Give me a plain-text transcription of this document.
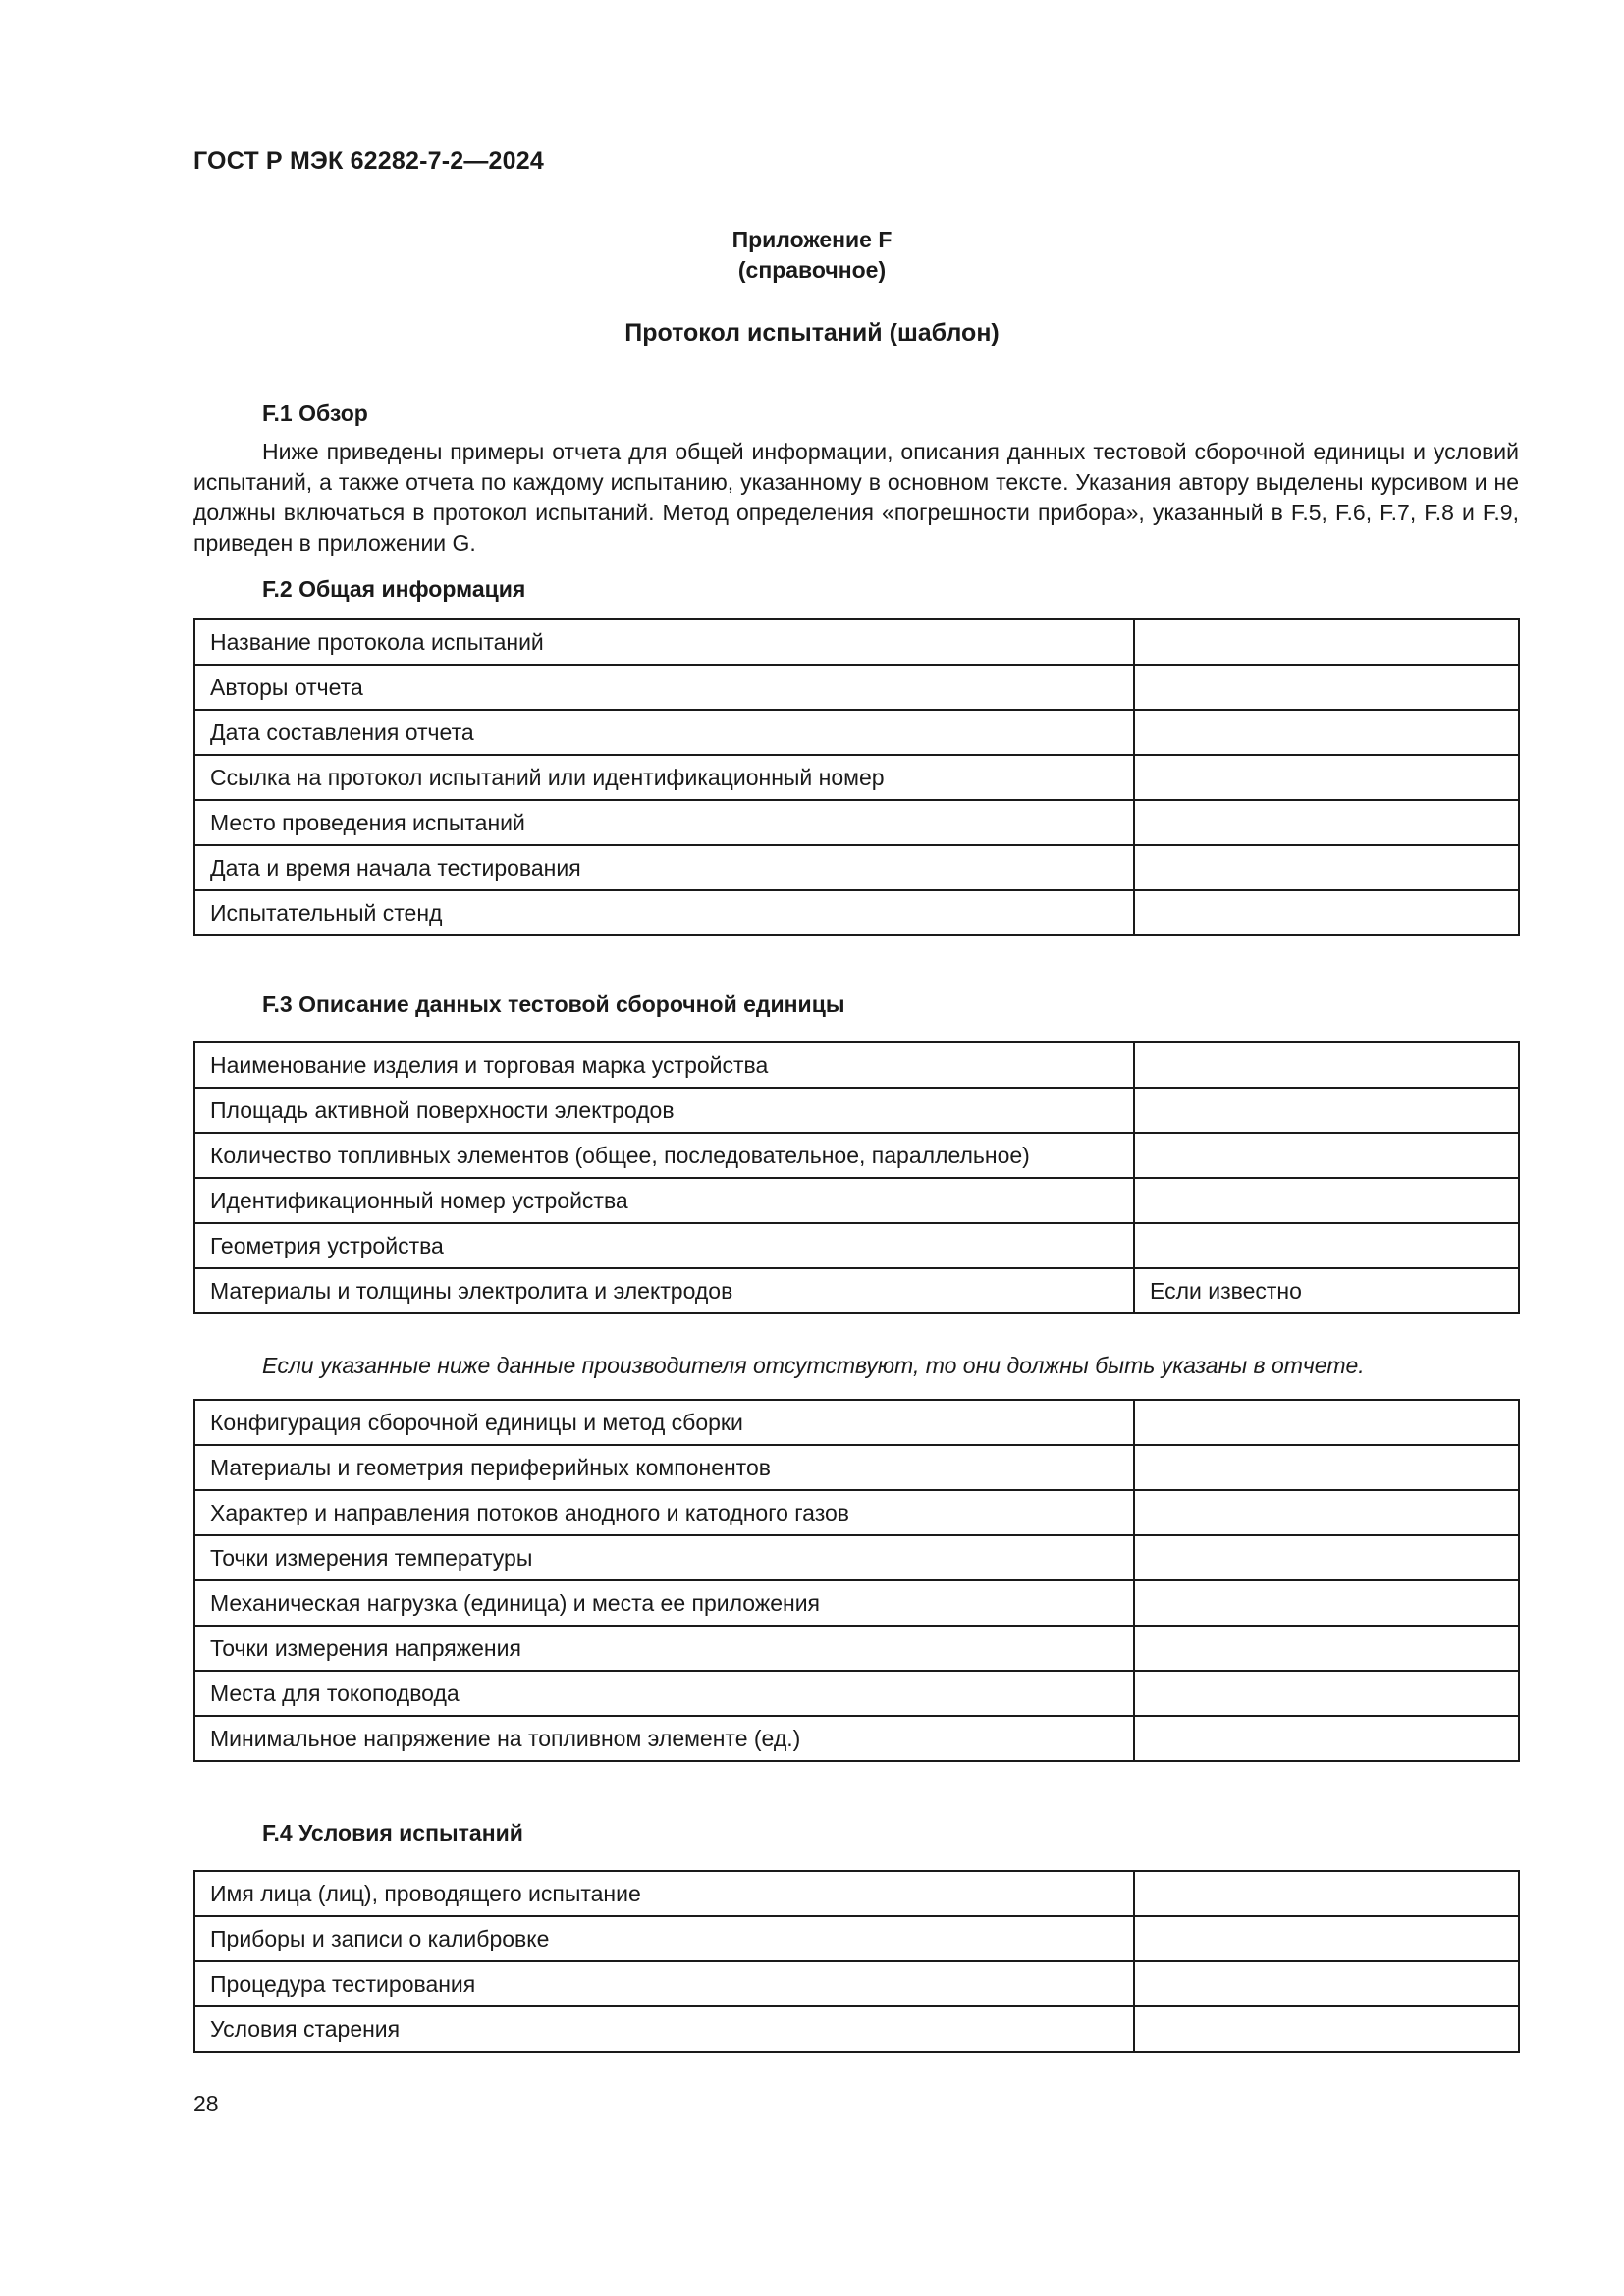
ГОСТ Р МЭК 62282-7-2—2024
Приложение F
(справочное)
Протокол испытаний (шаблон)
F.1 Обзор
Ниже приведены примеры отчета для общей информации, описания данных тестовой сборочной единицы и условий испытаний, а также отчета по каждому испытанию, указанному в основном тексте. Указания автору выделены курсивом и не должны включаться в протокол испытаний. Метод определения «погрешности прибора», указанный в F.5, F.6, F.7, F.8 и F.9, приведен в приложении G.
F.2 Общая информация
Название протокола испытаний	
Авторы отчета	
Дата составления отчета	
Ссылка на протокол испытаний или идентификационный номер	
Место проведения испытаний	
Дата и время начала тестирования	
Испытательный стенд	
F.3 Описание данных тестовой сборочной единицы
Наименование изделия и торговая марка устройства	
Площадь активной поверхности электродов	
Количество топливных элементов (общее, последовательное, параллельное)	
Идентификационный номер устройства	
Геометрия устройства	
Материалы и толщины электролита и электродов	Если известно
Если указанные ниже данные производителя отсутствуют, то они должны быть указаны в отчете.
Конфигурация сборочной единицы и метод сборки	
Материалы и геометрия периферийных компонентов	
Характер и направления потоков анодного и катодного газов	
Точки измерения температуры	
Механическая нагрузка (единица) и места ее приложения	
Точки измерения напряжения	
Места для токоподвода	
Минимальное напряжение на топливном элементе (ед.)	
F.4 Условия испытаний
Имя лица (лиц), проводящего испытание	
Приборы и записи о калибровке	
Процедура тестирования	
Условия старения	
28
